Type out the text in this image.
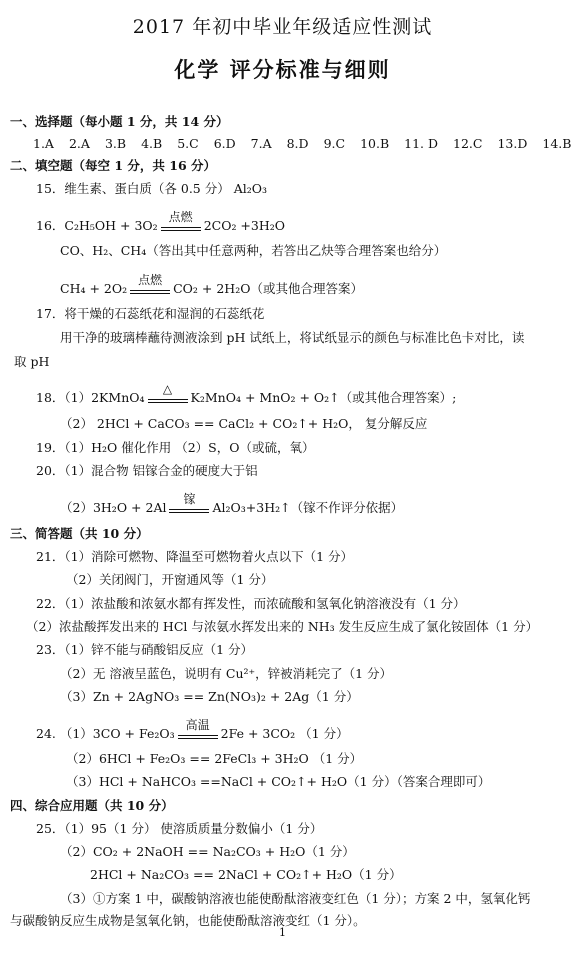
2017 年初中毕业年级适应性测试
化学 评分标准与细则
一、选择题（每小题 1 分，共 14 分）
1.A 2.A 3.B 4.B 5.C 6.D 7.A 8.D 9.C 10.B 11. D 12.C 13.D 14.B
二、填空题（每空 1 分，共 16 分）
15．维生素、蛋白质（各 0.5 分） Al₂O₃
16．C₂H₅OH + 3O₂
点燃
2CO₂ +3H₂O
CO、H₂、CH₄（答出其中任意两种，若答出乙炔等合理答案也给分）
CH₄ + 2O₂
点燃
CO₂ + 2H₂O（或其他合理答案）
17．将干燥的石蕊纸花和湿润的石蕊纸花
用干净的玻璃棒蘸待测液涂到 pH 试纸上，将试纸显示的颜色与标准比色卡对比，读
取 pH
18．（1）2KMnO₄
△
K₂MnO₄ + MnO₂ + O₂↑（或其他合理答案）;
（2） 2HCl + CaCO₃ == CaCl₂ + CO₂↑+ H₂O， 复分解反应
19．（1）H₂O 催化作用 （2）S，O（或硫，氧）
20．（1）混合物 铝镓合金的硬度大于铝
（2）3H₂O + 2Al
镓
Al₂O₃+3H₂↑（镓不作评分依据）
三、简答题（共 10 分）
21．（1）消除可燃物、降温至可燃物着火点以下（1 分）
（2）关闭阀门，开窗通风等（1 分）
22．（1）浓盐酸和浓氨水都有挥发性，而浓硫酸和氢氧化钠溶液没有（1 分）
（2）浓盐酸挥发出来的 HCl 与浓氨水挥发出来的 NH₃ 发生反应生成了氯化铵固体（1 分）
23．（1）锌不能与硝酸铝反应（1 分）
（2）无 溶液呈蓝色，说明有 Cu²⁺，锌被消耗完了（1 分）
（3）Zn + 2AgNO₃ == Zn(NO₃)₂ + 2Ag（1 分）
24. （1）3CO + Fe₂O₃
高温
2Fe + 3CO₂ （1 分）
（2）6HCl + Fe₂O₃ == 2FeCl₃ + 3H₂O （1 分）
（3）HCl + NaHCO₃ ==NaCl + CO₂↑+ H₂O（1 分）（答案合理即可）
四、综合应用题（共 10 分）
25．（1）95（1 分） 使溶质质量分数偏小（1 分）
（2）CO₂ + 2NaOH == Na₂CO₃ + H₂O（1 分）
2HCl + Na₂CO₃ == 2NaCl + CO₂↑+ H₂O（1 分）
（3）①方案 1 中，碳酸钠溶液也能使酚酞溶液变红色（1 分）；方案 2 中，氢氧化钙
与碳酸钠反应生成物是氢氧化钠，也能使酚酞溶液变红（1 分）。
1
